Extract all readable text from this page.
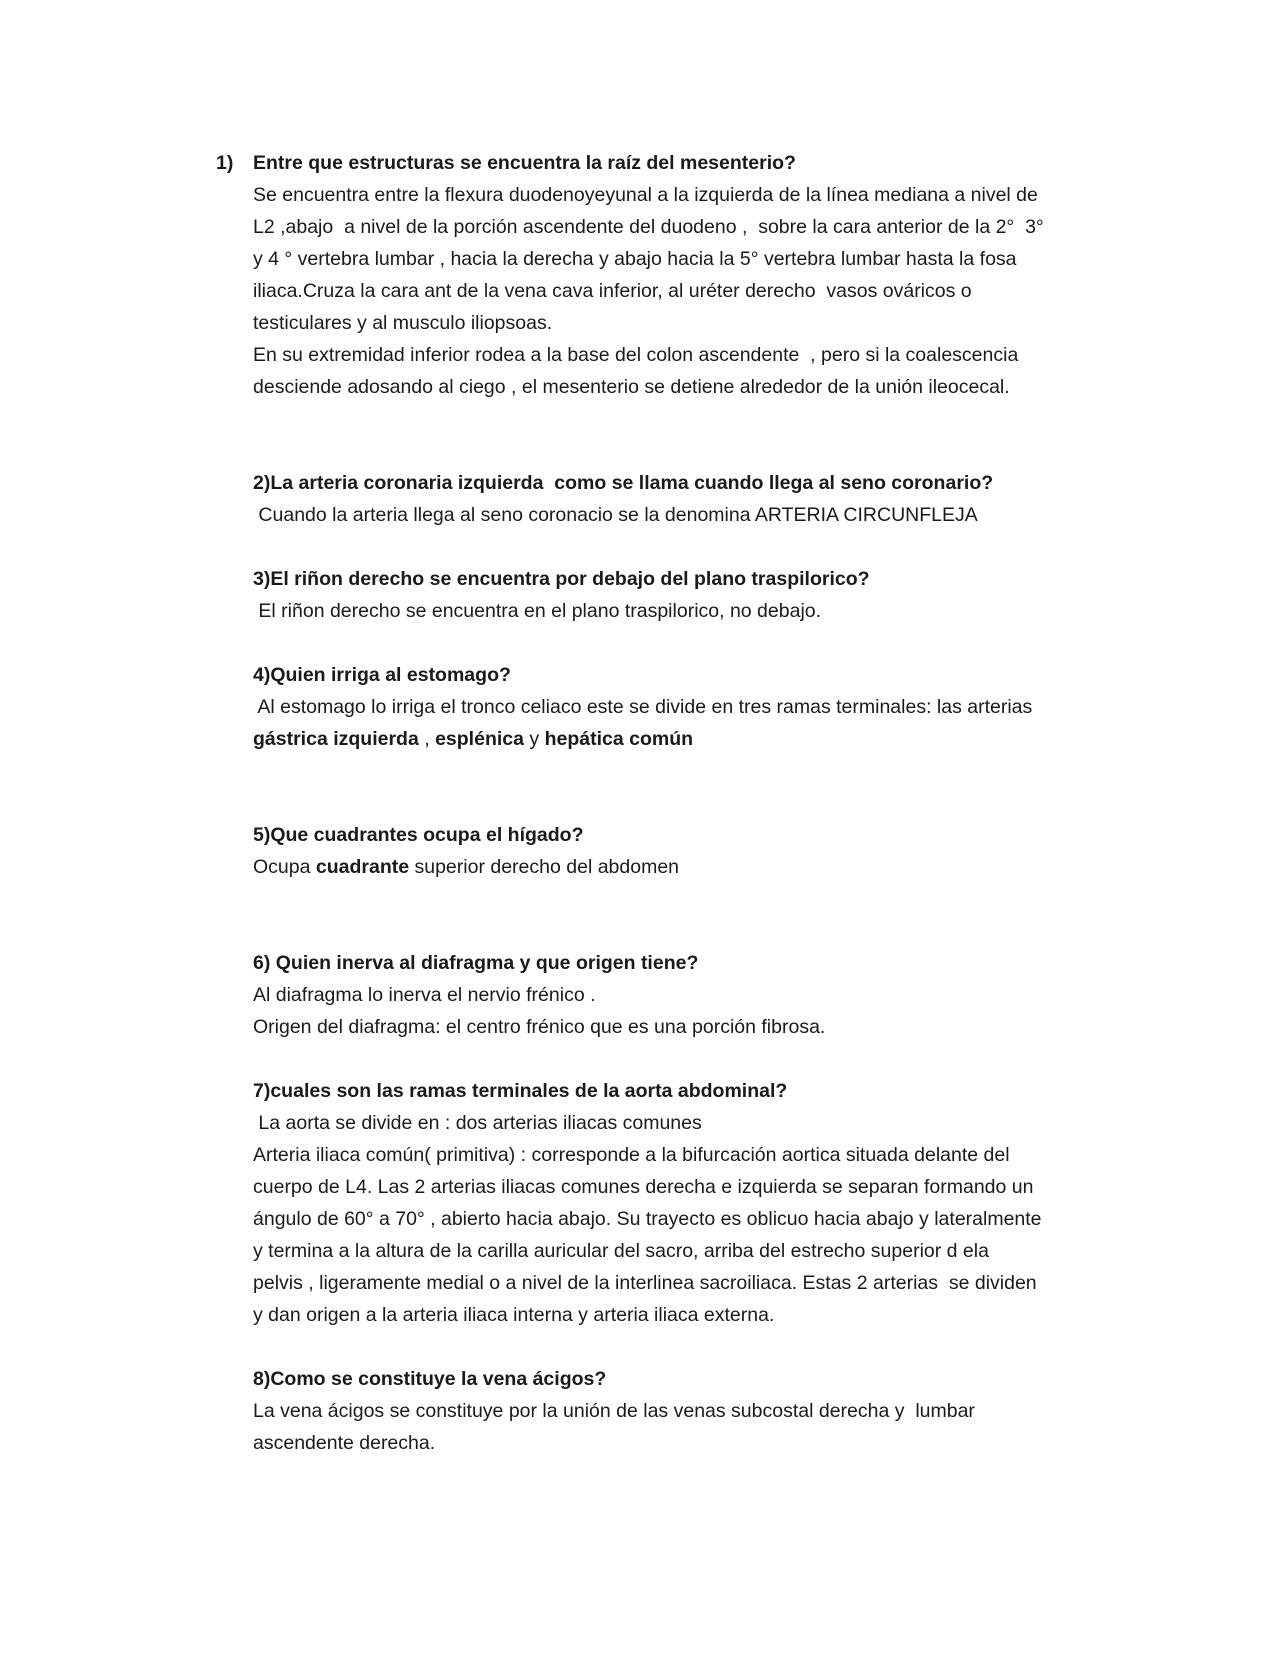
1) Entre que estructuras se encuentra la raíz del mesenterio?
Se encuentra entre la flexura duodenoyeyunal a la izquierda de la línea mediana a nivel de
L2 ,abajo  a nivel de la porción ascendente del duodeno ,  sobre la cara anterior de la 2°  3°
y 4 ° vertebra lumbar , hacia la derecha y abajo hacia la 5° vertebra lumbar hasta la fosa
iliaca.Cruza la cara ant de la vena cava inferior, al uréter derecho  vasos ováricos o
testiculares y al musculo iliopsoas.
En su extremidad inferior rodea a la base del colon ascendente  , pero si la coalescencia
desciende adosando al ciego , el mesenterio se detiene alrededor de la unión ileocecal.
2)La arteria coronaria izquierda  como se llama cuando llega al seno coronario?
Cuando la arteria llega al seno coronacio se la denomina ARTERIA CIRCUNFLEJA
3)El riñon derecho se encuentra por debajo del plano traspilorico?
El riñon derecho se encuentra en el plano traspilorico, no debajo.
4)Quien irriga al estomago?
Al estomago lo irriga el tronco celiaco este se divide en tres ramas terminales: las arterias
gástrica izquierda , esplénica y hepática común
5)Que cuadrantes ocupa el hígado?
Ocupa cuadrante superior derecho del abdomen
6) Quien inerva al diafragma y que origen tiene?
Al diafragma lo inerva el nervio frénico .
Origen del diafragma: el centro frénico que es una porción fibrosa.
7)cuales son las ramas terminales de la aorta abdominal?
La aorta se divide en : dos arterias iliacas comunes
Arteria iliaca común( primitiva) : corresponde a la bifurcación aortica situada delante del
cuerpo de L4. Las 2 arterias iliacas comunes derecha e izquierda se separan formando un
ángulo de 60° a 70° , abierto hacia abajo. Su trayecto es oblicuo hacia abajo y lateralmente
y termina a la altura de la carilla auricular del sacro, arriba del estrecho superior d ela
pelvis , ligeramente medial o a nivel de la interlinea sacroiliaca. Estas 2 arterias  se dividen
y dan origen a la arteria iliaca interna y arteria iliaca externa.
8)Como se constituye la vena ácigos?
La vena ácigos se constituye por la unión de las venas subcostal derecha y  lumbar
ascendente derecha.
